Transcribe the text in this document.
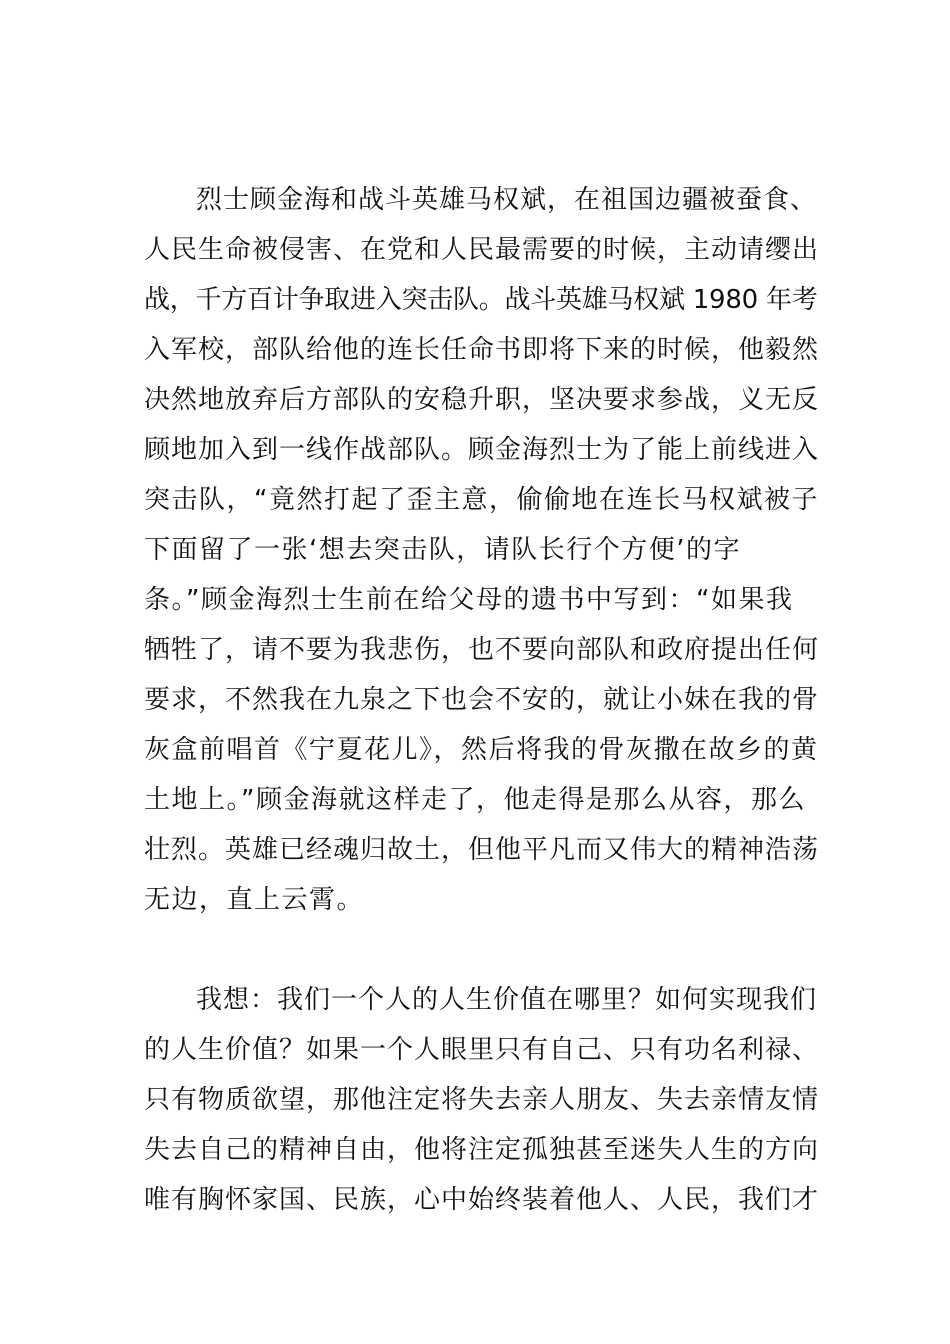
烈士顾金海和战斗英雄马权斌，在祖国边疆被蚕食、
人民生命被侵害、在党和人民最需要的时候，主动请缨出
战，千方百计争取进入突击队。战斗英雄马权斌 1980 年考
入军校，部队给他的连长任命书即将下来的时候，他毅然
决然地放弃后方部队的安稳升职，坚决要求参战，义无反
顾地加入到一线作战部队。顾金海烈士为了能上前线进入
突击队，“竟然打起了歪主意，偷偷地在连长马权斌被子
下面留了一张‘想去突击队，请队长行个方便’的字
条。”顾金海烈士生前在给父母的遗书中写到：“如果我
牺牲了，请不要为我悲伤，也不要向部队和政府提出任何
要求，不然我在九泉之下也会不安的，就让小妹在我的骨
灰盒前唱首《宁夏花儿》，然后将我的骨灰撒在故乡的黄
土地上。”顾金海就这样走了，他走得是那么从容，那么
壮烈。英雄已经魂归故土，但他平凡而又伟大的精神浩荡
无边，直上云霄。
我想：我们一个人的人生价值在哪里？如何实现我们
的人生价值？如果一个人眼里只有自己、只有功名利禄、
只有物质欲望，那他注定将失去亲人朋友、失去亲情友情
失去自己的精神自由，他将注定孤独甚至迷失人生的方向
唯有胸怀家国、民族，心中始终装着他人、人民，我们才
